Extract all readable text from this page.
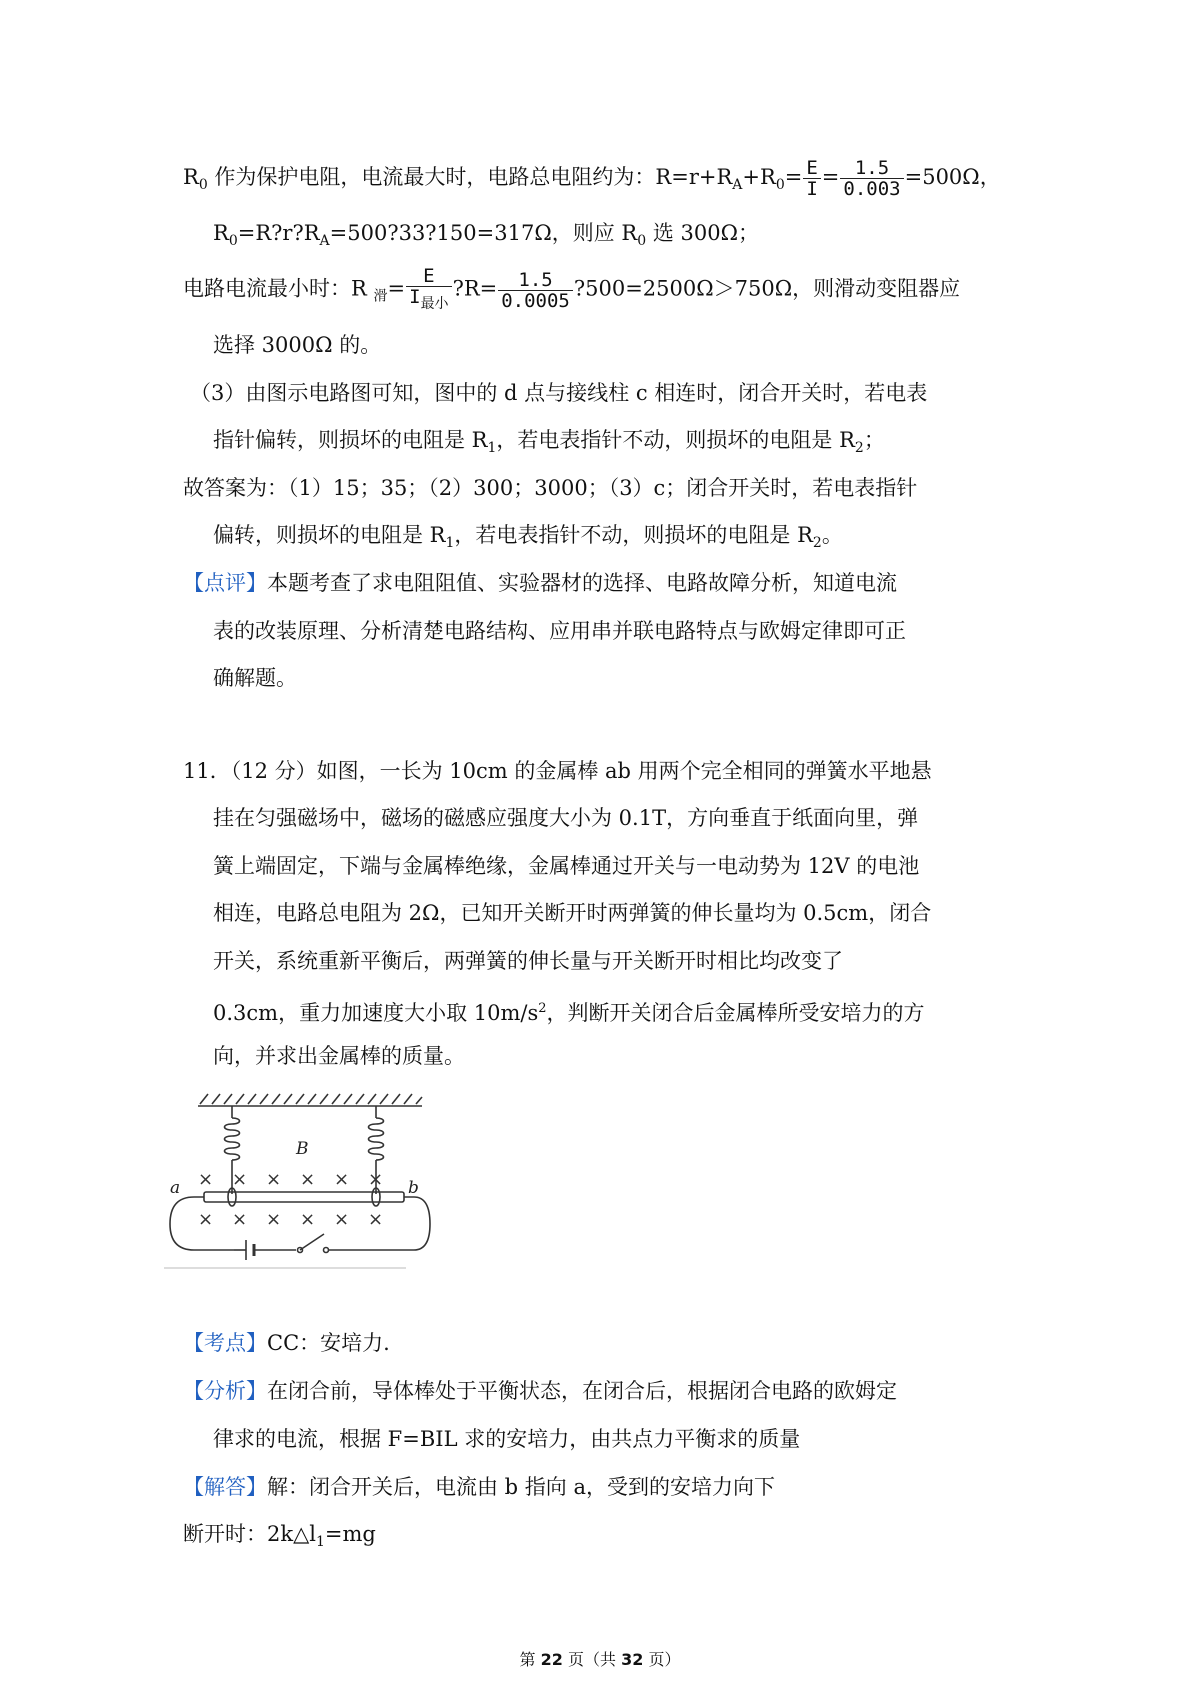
$R_0$ 作为保护电阻，电流最大时，电路总电阻约为：$R=r+R_A+R_0= \frac{E}{I} = \frac{1.5}{0.003} =500\Omega$，
$R_0=R?r?R_A=500?33?150=317\Omega$，则应 $R_0$ 选 300Ω；
电路电流最小时：R $_滑= \frac{E}{I_{最小}}$ ?R= $\frac{1.5}{0.0005}$ ?500=2500Ω＞750Ω，则滑动变阻器应
选择 3000Ω 的。
（3）由图示电路图可知，图中的 d 点与接线柱 c 相连时，闭合开关时，若电表
指针偏转，则损坏的电阻是 $R_1$，若电表指针不动，则损坏的电阻是 $R_2$；
故答案为：（1）15；35；（2）300；3000；（3）c；闭合开关时，若电表指针
偏转，则损坏的电阻是 $R_1$，若电表指针不动，则损坏的电阻是 $R_2$。
【点评】本题考查了求电阻阻值、实验器材的选择、电路故障分析，知道电流
表的改装原理、分析清楚电路结构、应用串并联电路特点与欧姆定律即可正
确解题。
11．（12 分）如图，一长为 10cm 的金属棒 ab 用两个完全相同的弹簧水平地悬
挂在匀强磁场中，磁场的磁感应强度大小为 0.1T，方向垂直于纸面向里，弹
簧上端固定，下端与金属棒绝缘，金属棒通过开关与一电动势为 12V 的电池
相连，电路总电阻为 2Ω，已知开关断开时两弹簧的伸长量均为 0.5cm，闭合
开关，系统重新平衡后，两弹簧的伸长量与开关断开时相比均改变了
0.3cm，重力加速度大小取 $10m/s^2$，判断开关闭合后金属棒所受安培力的方
向，并求出金属棒的质量。
× × × × × ×
× × × × × ×
B
a	b
【考点】CC：安培力.
【分析】在闭合前，导体棒处于平衡状态，在闭合后，根据闭合电路的欧姆定
律求的电流，根据 F=BIL 求的安培力，由共点力平衡求的质量
【解答】解：闭合开关后，电流由 b 指向 a，受到的安培力向下
断开时：$2k\triangle l_1=mg$
第 22 页（共 32 页）
